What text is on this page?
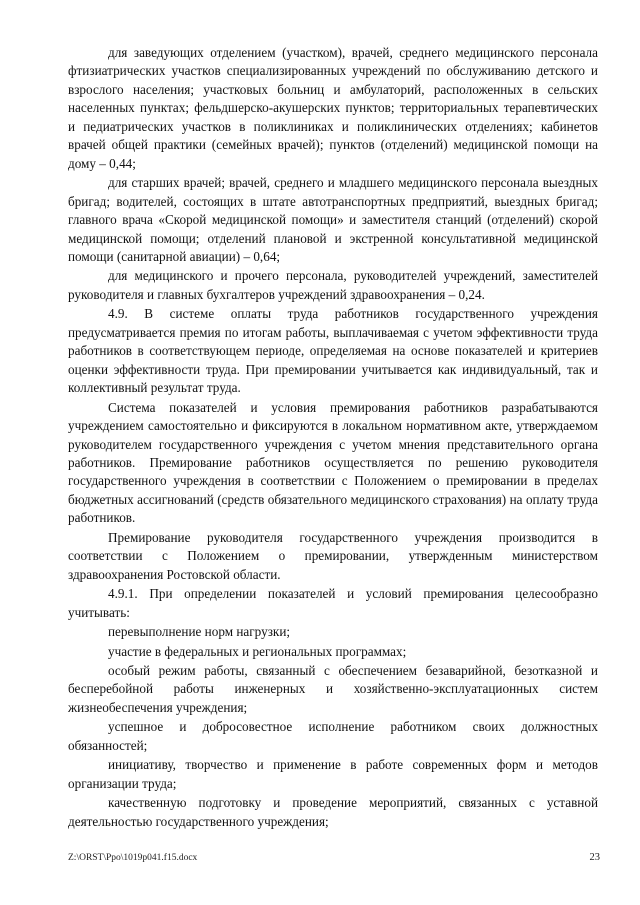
для заведующих отделением (участком), врачей, среднего медицинского персонала фтизиатрических участков специализированных учреждений по обслуживанию детского и взрослого населения; участковых больниц и амбулаторий, расположенных в сельских населенных пунктах; фельдшерско-акушерских пунктов; территориальных терапевтических и педиатрических участков в поликлиниках и поликлинических отделениях; кабинетов врачей общей практики (семейных врачей); пунктов (отделений) медицинской помощи на дому – 0,44;

для старших врачей; врачей, среднего и младшего медицинского персонала выездных бригад; водителей, состоящих в штате автотранспортных предприятий, выездных бригад; главного врача «Скорой медицинской помощи» и заместителя станций (отделений) скорой медицинской помощи; отделений плановой и экстренной консультативной медицинской помощи (санитарной авиации) – 0,64;

для медицинского и прочего персонала, руководителей учреждений, заместителей руководителя и главных бухгалтеров учреждений здравоохранения – 0,24.

4.9. В системе оплаты труда работников государственного учреждения предусматривается премия по итогам работы, выплачиваемая с учетом эффективности труда работников в соответствующем периоде, определяемая на основе показателей и критериев оценки эффективности труда. При премировании учитывается как индивидуальный, так и коллективный результат труда.

Система показателей и условия премирования работников разрабатываются учреждением самостоятельно и фиксируются в локальном нормативном акте, утверждаемом руководителем государственного учреждения с учетом мнения представительного органа работников. Премирование работников осуществляется по решению руководителя государственного учреждения в соответствии с Положением о премировании в пределах бюджетных ассигнований (средств обязательного медицинского страхования) на оплату труда работников.

Премирование руководителя государственного учреждения производится в соответствии с Положением о премировании, утвержденным министерством здравоохранения Ростовской области.

4.9.1. При определении показателей и условий премирования целесообразно учитывать:

перевыполнение норм нагрузки;

участие в федеральных и региональных программах;

особый режим работы, связанный с обеспечением безаварийной, безотказной и бесперебойной работы инженерных и хозяйственно-эксплуатационных систем жизнеобеспечения учреждения;

успешное и добросовестное исполнение работником своих должностных обязанностей;

инициативу, творчество и применение в работе современных форм и методов организации труда;

качественную подготовку и проведение мероприятий, связанных с уставной деятельностью государственного учреждения;

Z:\ORST\Ppo\1019p041.f15.docx	23
